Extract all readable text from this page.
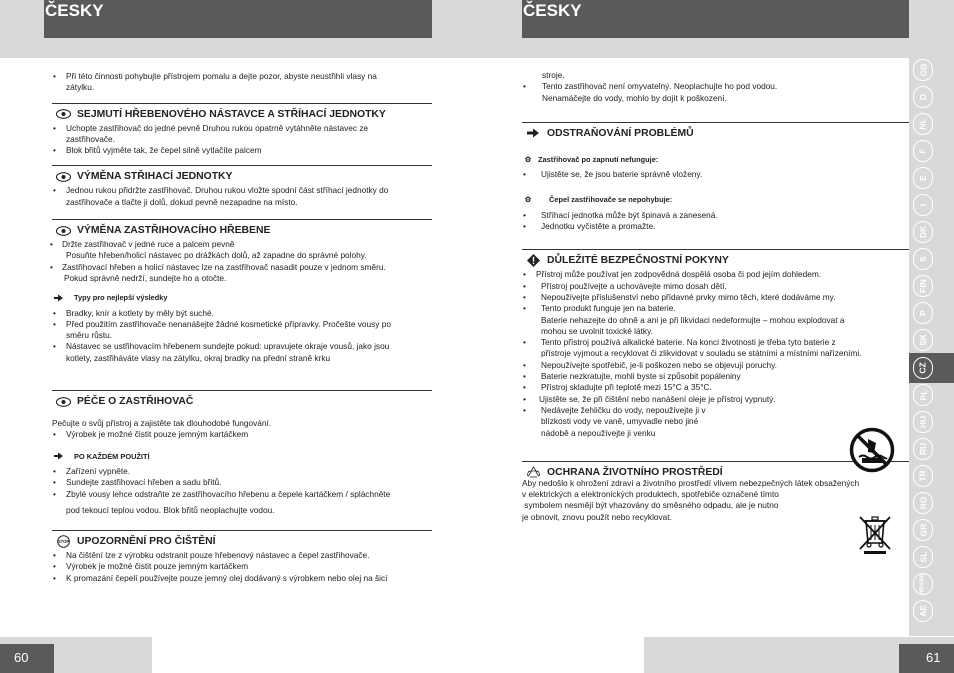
ČESKY	ČESKY
60	61
• Při této činnosti pohybujte přístrojem pomalu a dejte pozor, abyste neustřihli vlasy na
zátylku.
SEJMUTÍ HŘEBENOVÉHO NÁSTAVCE A STŘÍHACÍ JEDNOTKY
• Uchopte zastřihovač do jedné pevně Druhou rukou opatrně vytáhněte nástavec ze
zastřihovače.
• Blok břitů vyjměte tak, že čepel silně vytlačíte palcem
VÝMĚNA STŘIHACÍ JEDNOTKY
• Jednou rukou přidržte zastřihovač. Druhou rukou vložte spodní část stříhací jednotky do
zastřihovače a tlačte ji dolů, dokud pevně nezapadne na místo.
VÝMĚNA ZASTŘIHOVACÍHO HŘEBENE
• Držte zastřihovač v jedné ruce a palcem pevně
Posuňte hřeben/holicí nástavec po drážkách dolů, až zapadne do správné polohy.
• Zastřihovací hřeben a holicí nástavec lze na zastřihovač nasadit pouze v jednom směru.
Pokud správně nedrží, sundejte ho a otočte.
Typy pro nejlepší výsledky
• Bradky, knír a kotlety by měly být suché.
• Před použitím zastřihovače nenanášejte žádné kosmetické přípravky. Pročešte vousy po
směru růstu.
• Nástavec se ustřihovacím hřebenem sundejte pokud: upravujete okraje vousů, jako jsou
kotlety, zastřiháváte vlasy na zátylku, okraj bradky na přední straně krku
PÉČE O ZASTŘIHOVAČ
Pečujte o svůj přístroj a zajistěte tak dlouhodobé fungování.
• Výrobek je možné čistit pouze jemným kartáčkem
PO KAŽDÉM POUŽITÍ
• Zařízení vypněte.
• Sundejte zastřihovací hřeben a sadu břitů.
• Zbylé vousy lehce odstraňte ze zastřihovacího hřebenu a čepele kartáčkem / spláchněte
pod tekoucí teplou vodou. Blok břitů neoplachujte vodou.
STOP UPOZORNĚNÍ PRO ČIŠTĚNÍ
• Na čištění lze z výrobku odstranit pouze hřebenový nástavec a čepel zastřihovače.
• Výrobek je možné čistit pouze jemným kartáčkem
• K promazání čepelí používejte pouze jemný olej dodávaný s výrobkem nebo olej na šicí
stroje.
• Tento zastřihovač není omyvatelný. Neoplachujte ho pod vodou.
Nenamáčejte do vody, mohlo by dojít k poškození.
ODSTRAŇOVÁNÍ PROBLÉMŮ
⚙ Zastřihovač po zapnutí nefunguje:
• Ujistěte se, že jsou baterie správně vloženy.
⚙	Čepel zastřihovače se nepohybuje:
• Stříhací jednotka může být špinavá a zanesená.
• Jednotku vyčistěte a promažte.
DŮLEŽITÉ BEZPEČNOSTNÍ POKYNY
• Přístroj může používat jen zodpovědná dospělá osoba či pod jejím dohledem.
• Přístroj používejte a uchovávejte mimo dosah dětí.
• Nepoužívejte příslušenství nebo přídavné prvky mimo těch, které dodáváme my.
• Tento produkt funguje jen na baterie.
Baterie nehazejte do ohně a ani je při likvidaci nedeformujte – mohou explodovat a
mohou se uvolnit toxické látky.
• Tento přístroj používá alkalické baterie. Na konci životnosti je třeba tyto baterie z
přístroje vyjmout a recyklovat či zlikvidovat v souladu se státními a místními nařízeními.
• Nepoužívejte spotřebič, je-li poškozen nebo se objevují poruchy.
• Baterie nezkratujte, mohli byste si způsobit popáleniny
• Přístroj skladujte při teplotě mezi 15°C a 35°C.
• Ujistěte se, že při čištění nebo nanášení oleje je přístroj vypnutý.
• Nedávejte žehličku do vody, nepoužívejte ji v
blízkosti vody ve vaně, umyvadle nebo jiné
nádobě a nepoužívejte ji venku
OCHRANA ŽIVOTNÍHO PROSTŘEDÍ
Aby nedošlo k ohrožení zdraví a životního prostředí vlivem nebezpečných látek obsažených
v elektrických a elektronických produktech, spotřebiče označené tímto
symbolem nesmějí být vhazovány do směsného odpadu, ale je nutno
je obnovit, znovu použít nebo recyklovat.
GB
D
NL
F
E
I
DK
S
FIN
P
SK
CZ
PL
HU
RU
TR
RO
GR
SL
HR/SRB
AE
